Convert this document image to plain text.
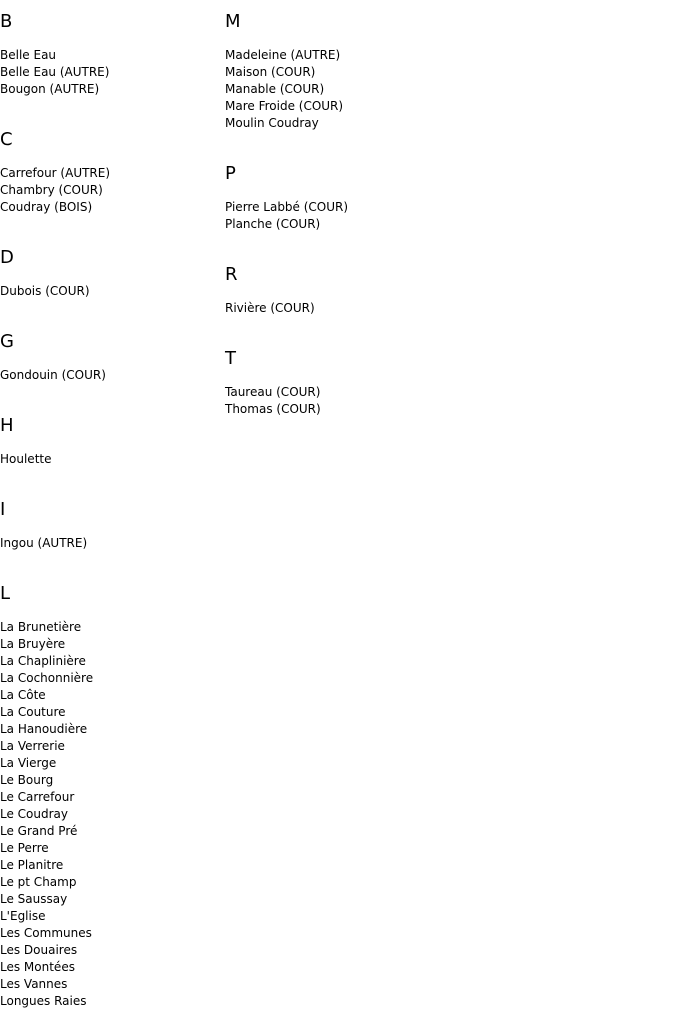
B
Belle Eau
Belle Eau (AUTRE)
Bougon (AUTRE)
C
Carrefour (AUTRE)
Chambry (COUR)
Coudray (BOIS)
D
Dubois (COUR)
G
Gondouin (COUR)
H
Houlette
I
Ingou (AUTRE)
L
La Brunetière
La Bruyère
La Chaplinière
La Cochonnière
La Côte
La Couture
La Hanoudière
La Verrerie
La Vierge
Le Bourg
Le Carrefour
Le Coudray
Le Grand Pré
Le Perre
Le Planitre
Le pt Champ
Le Saussay
L'Eglise
Les Communes
Les Douaires
Les Montées
Les Vannes
Longues Raies
M
Madeleine (AUTRE)
Maison (COUR)
Manable (COUR)
Mare Froide (COUR)
Moulin Coudray
P
Pierre Labbé (COUR)
Planche (COUR)
R
Rivière (COUR)
T
Taureau (COUR)
Thomas (COUR)
